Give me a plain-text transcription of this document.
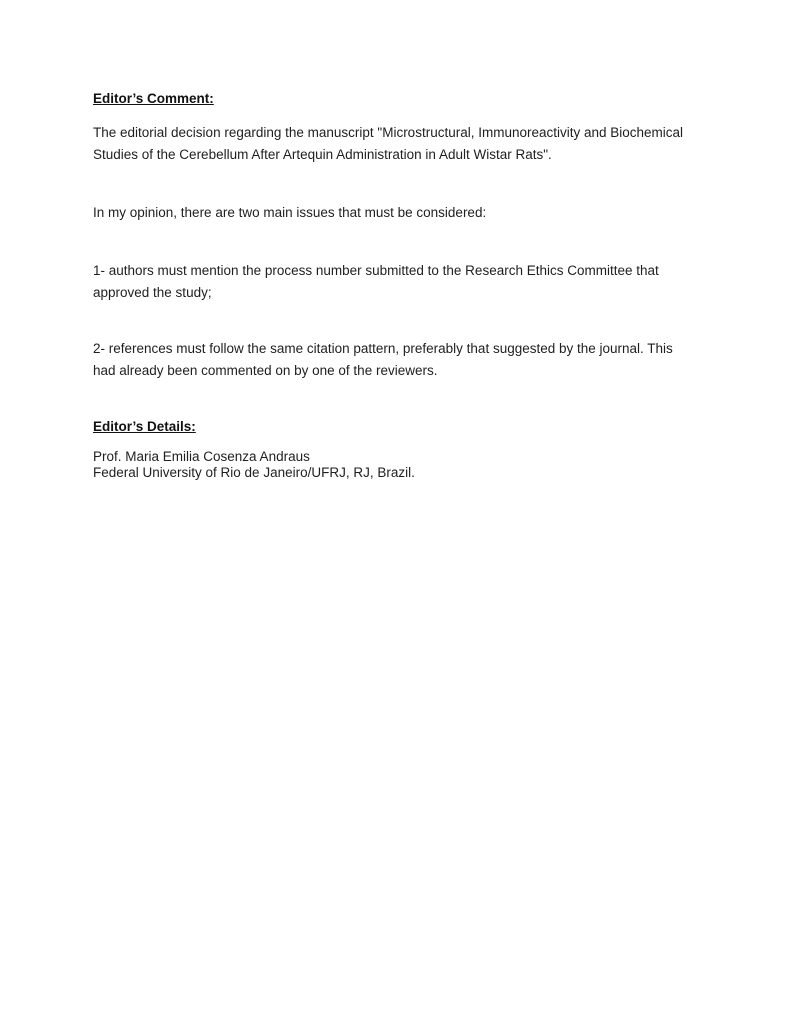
Editor’s Comment:

The editorial decision regarding the manuscript "Microstructural, Immunoreactivity and Biochemical Studies of the Cerebellum After Artequin Administration in Adult Wistar Rats".

In my opinion, there are two main issues that must be considered:

1- authors must mention the process number submitted to the Research Ethics Committee that approved the study;

2- references must follow the same citation pattern, preferably that suggested by the journal. This had already been commented on by one of the reviewers.

Editor’s Details:
Prof. Maria Emilia Cosenza Andraus
Federal University of Rio de Janeiro/UFRJ, RJ, Brazil.
